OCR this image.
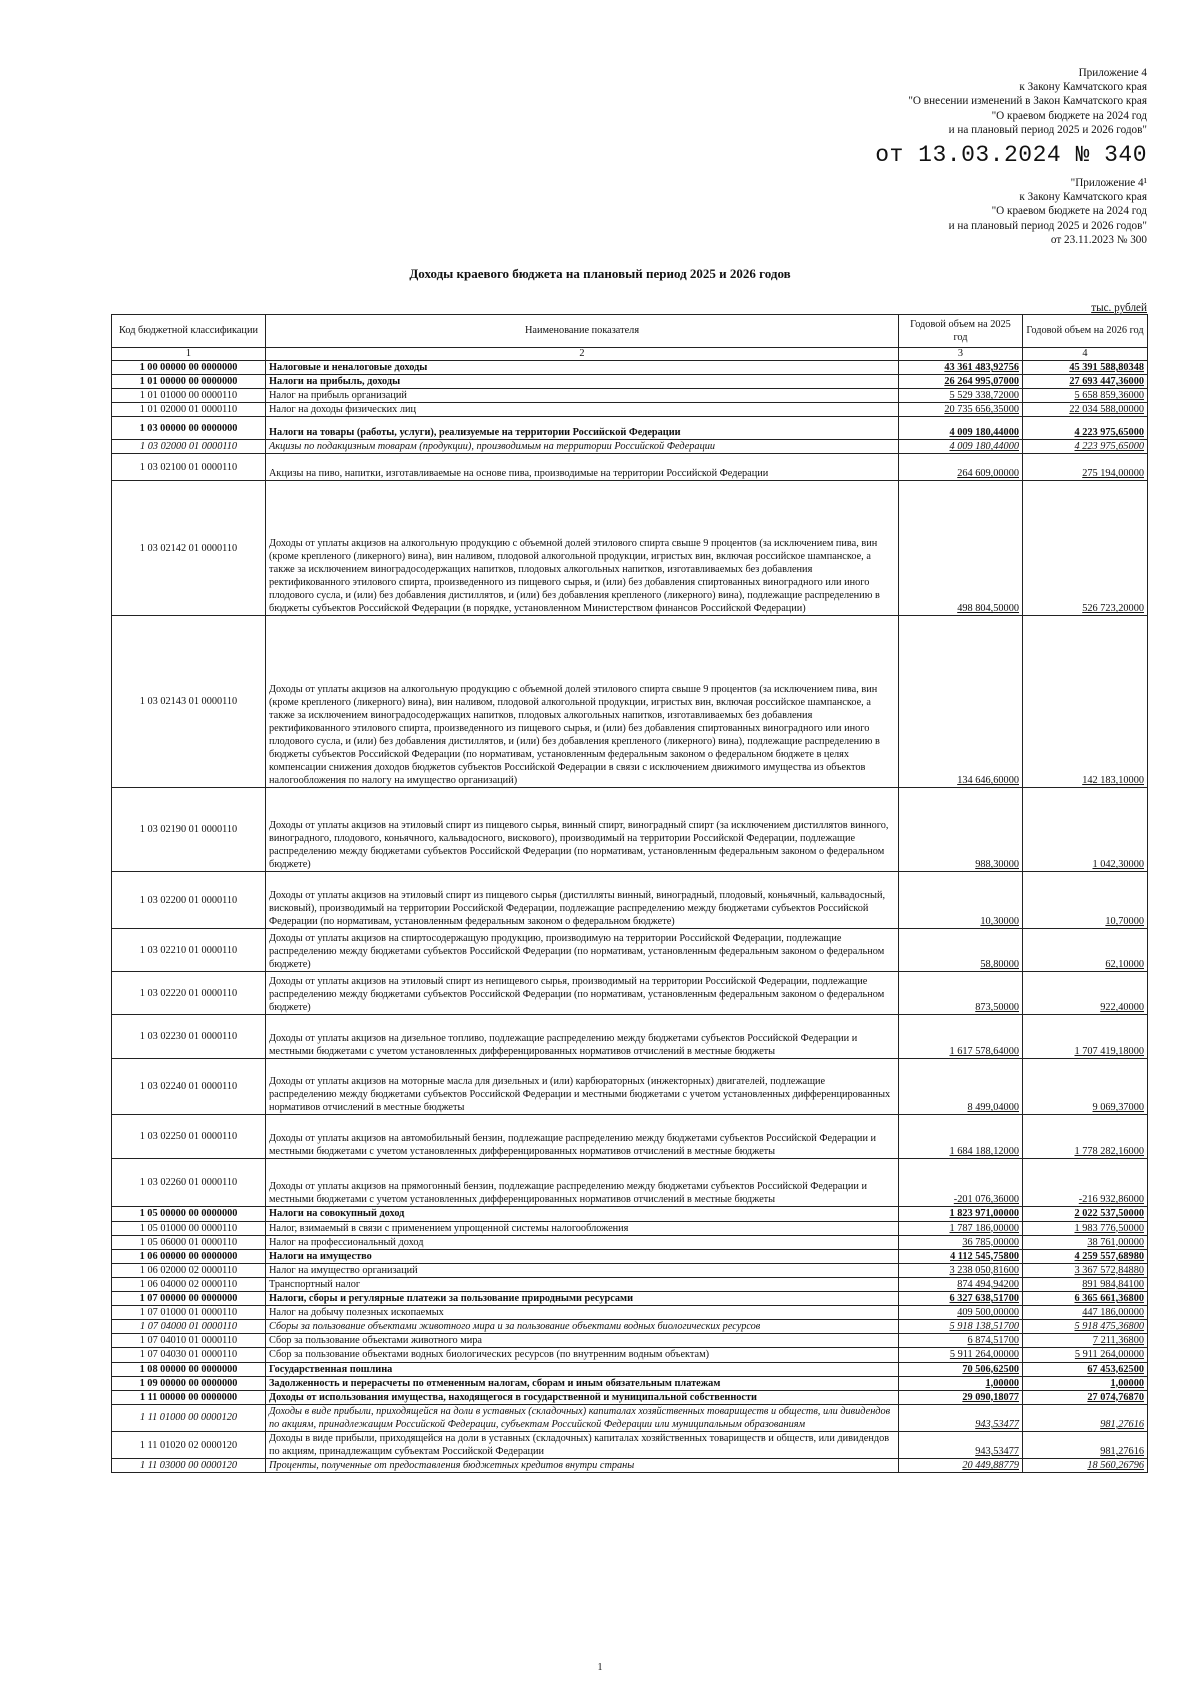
Приложение 4
к Закону Камчатского края
"О внесении изменений в Закон Камчатского края
"О краевом бюджете на 2024 год
и на плановый период 2025 и 2026 годов"
от 13.03.2024 № 340
"Приложение 4¹
к Закону Камчатского края
"О краевом бюджете на 2024 год
и на плановый период 2025 и 2026 годов"
от 23.11.2023 № 300
Доходы краевого бюджета на плановый период 2025 и 2026 годов
тыс. рублей
Код бюджетной классификации	Наименование показателя	Годовой объем на 2025 год	Годовой объем на 2026 год
1	2	3	4
1 00 00000 00 0000000	Налоговые и неналоговые доходы	43 361 483,92756	45 391 588,80348
1 01 00000 00 0000000	Налоги на прибыль, доходы	26 264 995,07000	27 693 447,36000
1 01 01000 00 0000110	Налог на прибыль организаций	5 529 338,72000	5 658 859,36000
1 01 02000 01 0000110	Налог на доходы физических лиц	20 735 656,35000	22 034 588,00000
1 03 00000 00 0000000	Налоги на товары (работы, услуги), реализуемые на территории Российской Федерации	4 009 180,44000	4 223 975,65000
1 03 02000 01 0000110	Акцизы по подакцизным товарам (продукции), производимым на территории Российской Федерации	4 009 180,44000	4 223 975,65000
1 03 02100 01 0000110	Акцизы на пиво, напитки, изготавливаемые на основе пива, производимые на территории Российской Федерации	264 609,00000	275 194,00000
1 03 02142 01 0000110	Доходы от уплаты акцизов на алкогольную продукцию с объемной долей этилового спирта свыше 9 процентов (за исключением пива, вин (кроме крепленого (ликерного) вина), вин наливом, плодовой алкогольной продукции, игристых вин, включая российское шампанское, а также за исключением виноградосодержащих напитков, плодовых алкогольных напитков, изготавливаемых без добавления ректификованного этилового спирта, произведенного из пищевого сырья, и (или) без добавления спиртованных виноградного или иного плодового сусла, и (или) без добавления дистиллятов, и (или) без добавления крепленого (ликерного) вина), подлежащие распределению в бюджеты субъектов Российской Федерации (в порядке, установленном Министерством финансов Российской Федерации)	498 804,50000	526 723,20000
1 03 02143 01 0000110	Доходы от уплаты акцизов на алкогольную продукцию с объемной долей этилового спирта свыше 9 процентов (за исключением пива, вин (кроме крепленого (ликерного) вина), вин наливом, плодовой алкогольной продукции, игристых вин, включая российское шампанское, а также за исключением виноградосодержащих напитков, плодовых алкогольных напитков, изготавливаемых без добавления ректификованного этилового спирта, произведенного из пищевого сырья, и (или) без добавления спиртованных виноградного или иного плодового сусла, и (или) без добавления дистиллятов, и (или) без добавления крепленого (ликерного) вина), подлежащие распределению в бюджеты субъектов Российской Федерации (по нормативам, установленным федеральным законом о федеральном бюджете в целях компенсации снижения доходов бюджетов субъектов Российской Федерации в связи с исключением движимого имущества из объектов налогообложения по налогу на имущество организаций)	134 646,60000	142 183,10000
1 03 02190 01 0000110	Доходы от уплаты акцизов на этиловый спирт из пищевого сырья, винный спирт, виноградный спирт (за исключением дистиллятов винного, виноградного, плодового, коньячного, кальвадосного, вискового), производимый на территории Российской Федерации, подлежащие распределению между бюджетами субъектов Российской Федерации (по нормативам, установленным федеральным законом о федеральном бюджете)	988,30000	1 042,30000
1 03 02200 01 0000110	Доходы от уплаты акцизов на этиловый спирт из пищевого сырья (дистилляты винный, виноградный, плодовый, коньячный, кальвадосный, висковый), производимый на территории Российской Федерации, подлежащие распределению между бюджетами субъектов Российской Федерации (по нормативам, установленным федеральным законом о федеральном бюджете)	10,30000	10,70000
1 03 02210 01 0000110	Доходы от уплаты акцизов на спиртосодержащую продукцию, производимую на территории Российской Федерации, подлежащие распределению между бюджетами субъектов Российской Федерации (по нормативам, установленным федеральным законом о федеральном бюджете)	58,80000	62,10000
1 03 02220 01 0000110	Доходы от уплаты акцизов на этиловый спирт из непищевого сырья, производимый на территории Российской Федерации, подлежащие распределению между бюджетами субъектов Российской Федерации (по нормативам, установленным федеральным законом о федеральном бюджете)	873,50000	922,40000
1 03 02230 01 0000110	Доходы от уплаты акцизов на дизельное топливо, подлежащие распределению между бюджетами субъектов Российской Федерации и местными бюджетами с учетом установленных дифференцированных нормативов отчислений в местные бюджеты	1 617 578,64000	1 707 419,18000
1 03 02240 01 0000110	Доходы от уплаты акцизов на моторные масла для дизельных и (или) карбюраторных (инжекторных) двигателей, подлежащие распределению между бюджетами субъектов Российской Федерации и местными бюджетами с учетом установленных дифференцированных нормативов отчислений в местные бюджеты	8 499,04000	9 069,37000
1 03 02250 01 0000110	Доходы от уплаты акцизов на автомобильный бензин, подлежащие распределению между бюджетами субъектов Российской Федерации и местными бюджетами с учетом установленных дифференцированных нормативов отчислений в местные бюджеты	1 684 188,12000	1 778 282,16000
1 03 02260 01 0000110	Доходы от уплаты акцизов на прямогонный бензин, подлежащие распределению между бюджетами субъектов Российской Федерации и местными бюджетами с учетом установленных дифференцированных нормативов отчислений в местные бюджеты	-201 076,36000	-216 932,86000
1 05 00000 00 0000000	Налоги на совокупный доход	1 823 971,00000	2 022 537,50000
1 05 01000 00 0000110	Налог, взимаемый в связи с применением упрощенной системы налогообложения	1 787 186,00000	1 983 776,50000
1 05 06000 01 0000110	Налог на профессиональный доход	36 785,00000	38 761,00000
1 06 00000 00 0000000	Налоги на имущество	4 112 545,75800	4 259 557,68980
1 06 02000 02 0000110	Налог на имущество организаций	3 238 050,81600	3 367 572,84880
1 06 04000 02 0000110	Транспортный налог	874 494,94200	891 984,84100
1 07 00000 00 0000000	Налоги, сборы и регулярные платежи за пользование природными ресурсами	6 327 638,51700	6 365 661,36800
1 07 01000 01 0000110	Налог на добычу полезных ископаемых	409 500,00000	447 186,00000
1 07 04000 01 0000110	Сборы за пользование объектами животного мира и за пользование объектами водных биологических ресурсов	5 918 138,51700	5 918 475,36800
1 07 04010 01 0000110	Сбор за пользование объектами животного мира	6 874,51700	7 211,36800
1 07 04030 01 0000110	Сбор за пользование объектами водных биологических ресурсов (по внутренним водным объектам)	5 911 264,00000	5 911 264,00000
1 08 00000 00 0000000	Государственная пошлина	70 506,62500	67 453,62500
1 09 00000 00 0000000	Задолженность и перерасчеты по отмененным налогам, сборам и иным обязательным платежам	1,00000	1,00000
1 11 00000 00 0000000	Доходы от использования имущества, находящегося в государственной и муниципальной собственности	29 090,18077	27 074,76870
1 11 01000 00 0000120	Доходы в виде прибыли, приходящейся на доли в уставных (складочных) капиталах хозяйственных товариществ и обществ, или дивидендов по акциям, принадлежащим Российской Федерации, субъектам Российской Федерации или муниципальным образованиям	943,53477	981,27616
1 11 01020 02 0000120	Доходы в виде прибыли, приходящейся на доли в уставных (складочных) капиталах хозяйственных товариществ и обществ, или дивидендов по акциям, принадлежащим субъектам Российской Федерации	943,53477	981,27616
1 11 03000 00 0000120	Проценты, полученные от предоставления бюджетных кредитов внутри страны	20 449,88779	18 560,26796
1
